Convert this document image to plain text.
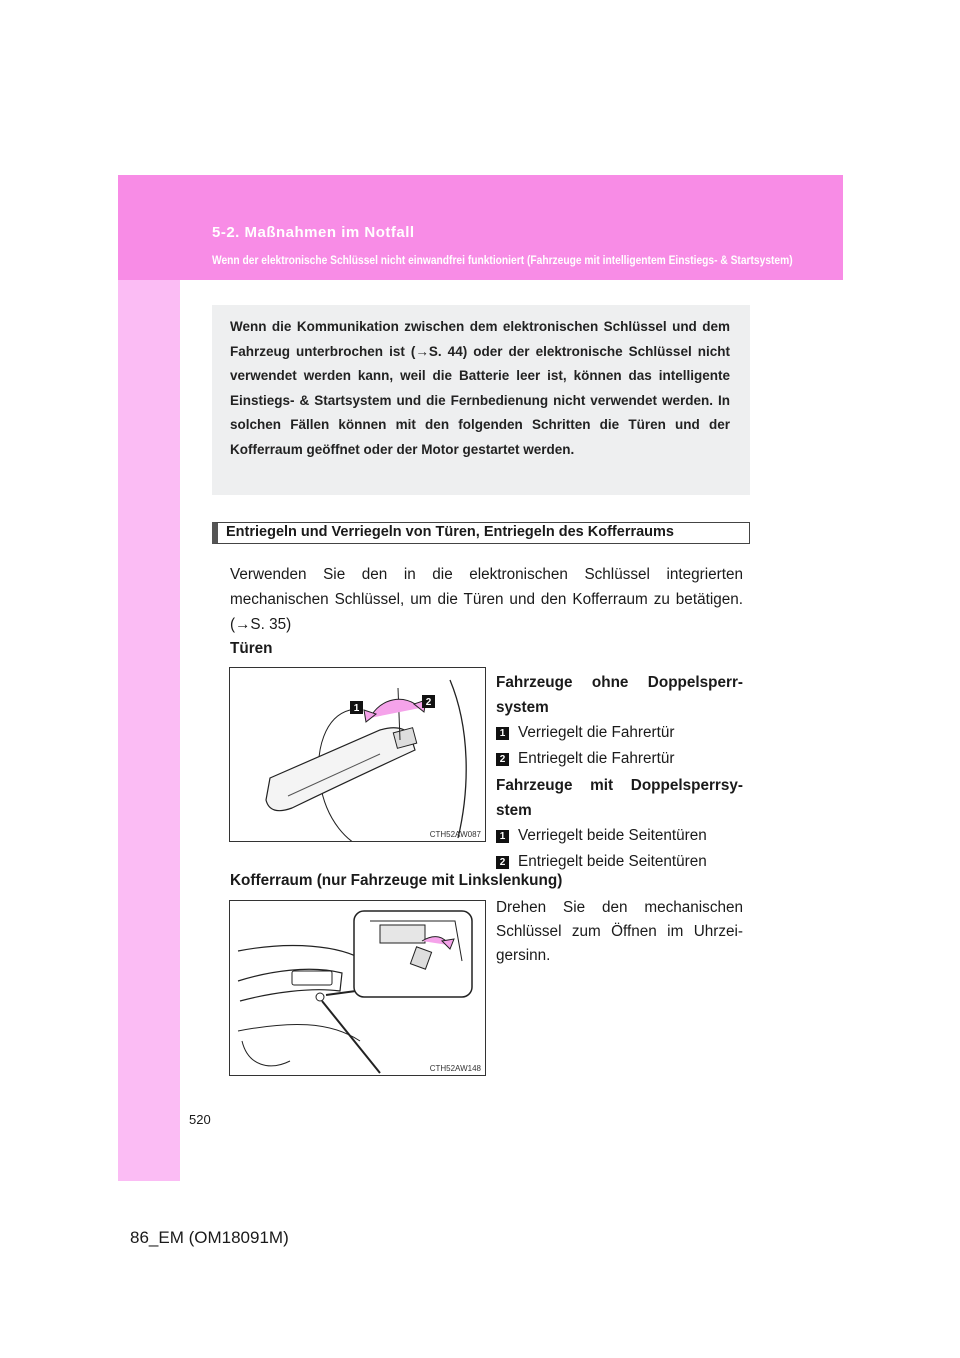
5-2. Maßnahmen im Notfall
Wenn der elektronische Schlüssel nicht einwandfrei funktioniert (Fahrzeuge mit intelligentem Einstiegs- & Startsystem)

Wenn die Kommunikation zwischen dem elektronischen Schlüssel und dem Fahrzeug unterbrochen ist (→S. 44) oder der elektronische Schlüssel nicht verwendet werden kann, weil die Batterie leer ist, können das intelligente Einstiegs- & Startsystem und die Fernbedienung nicht verwendet werden. In solchen Fällen können mit den folgenden Schritten die Türen und der Kofferraum geöffnet oder der Motor gestartet werden.

Entriegeln und Verriegeln von Türen, Entriegeln des Kofferraums

Verwenden Sie den in die elektronischen Schlüssel integrierten mechanischen Schlüssel, um die Türen und den Kofferraum zu betätigen. (→S. 35)

Türen

1
2
CTH52AW087

Fahrzeuge ohne Doppelsperr-system

1 Verriegelt die Fahrertür
2 Entriegelt die Fahrertür

Fahrzeuge mit Doppelsperrsy-stem

1 Verriegelt beide Seitentüren
2 Entriegelt beide Seitentüren

Kofferraum (nur Fahrzeuge mit Linkslenkung)

CTH52AW148

Drehen Sie den mechanischen Schlüssel zum Öffnen im Uhrzei-gersinn.

520
86_EM (OM18091M)
